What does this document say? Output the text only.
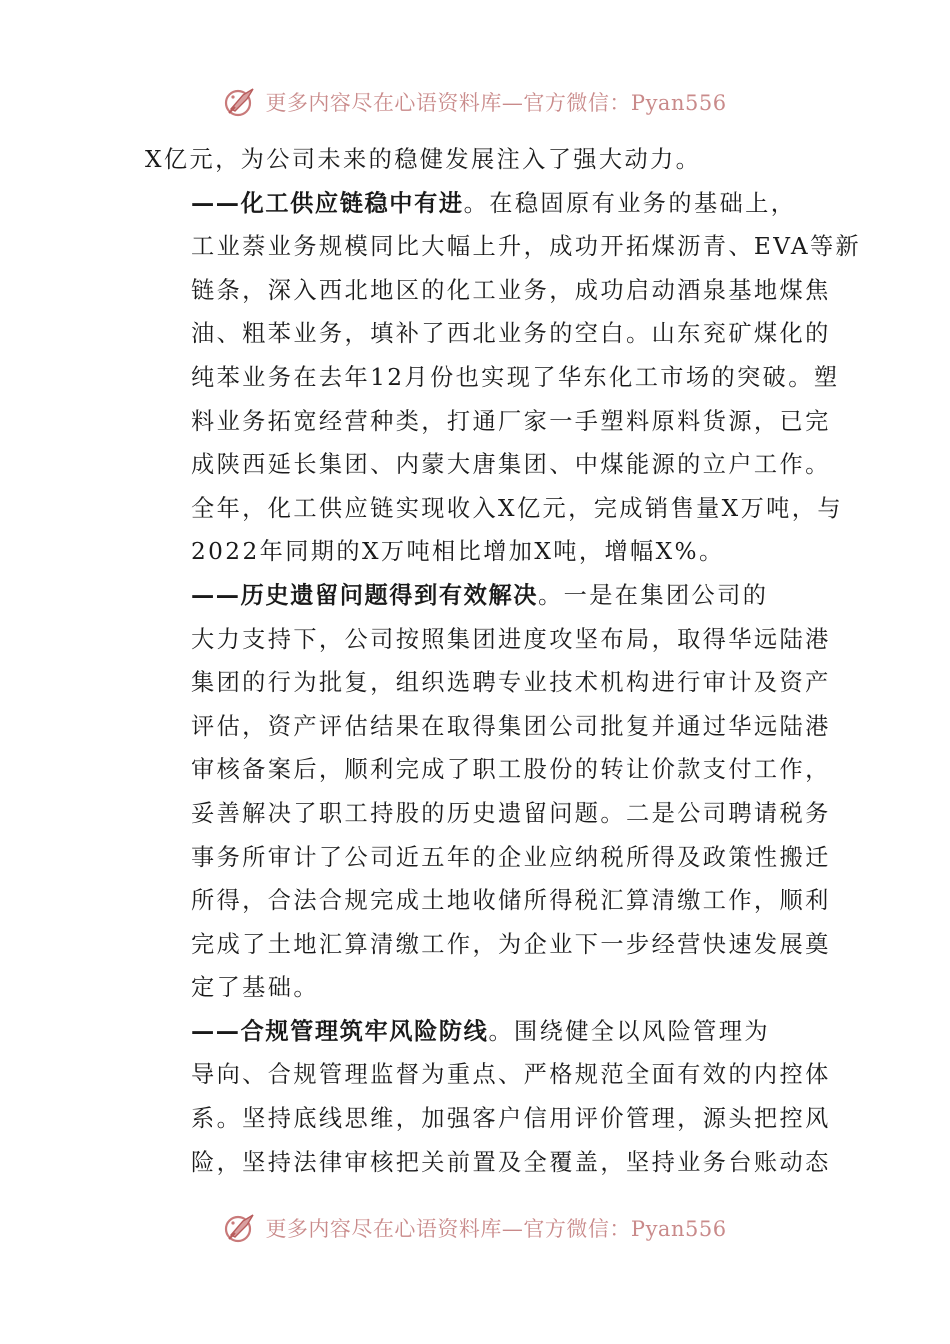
更多内容尽在心语资料库—官方微信：Pyan556

X亿元，为公司未来的稳健发展注入了强大动力。

——化工供应链稳中有进。在稳固原有业务的基础上，
工业萘业务规模同比大幅上升，成功开拓煤沥青、EVA等新
链条，深入西北地区的化工业务，成功启动酒泉基地煤焦
油、粗苯业务，填补了西北业务的空白。山东兖矿煤化的
纯苯业务在去年12月份也实现了华东化工市场的突破。塑
料业务拓宽经营种类，打通厂家一手塑料原料货源，已完
成陕西延长集团、内蒙大唐集团、中煤能源的立户工作。
全年，化工供应链实现收入X亿元，完成销售量X万吨，与
2022年同期的X万吨相比增加X吨，增幅X%。

——历史遗留问题得到有效解决。一是在集团公司的
大力支持下，公司按照集团进度攻坚布局，取得华远陆港
集团的行为批复，组织选聘专业技术机构进行审计及资产
评估，资产评估结果在取得集团公司批复并通过华远陆港
审核备案后，顺利完成了职工股份的转让价款支付工作，
妥善解决了职工持股的历史遗留问题。二是公司聘请税务
事务所审计了公司近五年的企业应纳税所得及政策性搬迁
所得，合法合规完成土地收储所得税汇算清缴工作，顺利
完成了土地汇算清缴工作，为企业下一步经营快速发展奠
定了基础。

——合规管理筑牢风险防线。围绕健全以风险管理为
导向、合规管理监督为重点、严格规范全面有效的内控体
系。坚持底线思维，加强客户信用评价管理，源头把控风
险，坚持法律审核把关前置及全覆盖，坚持业务台账动态

更多内容尽在心语资料库—官方微信：Pyan556
